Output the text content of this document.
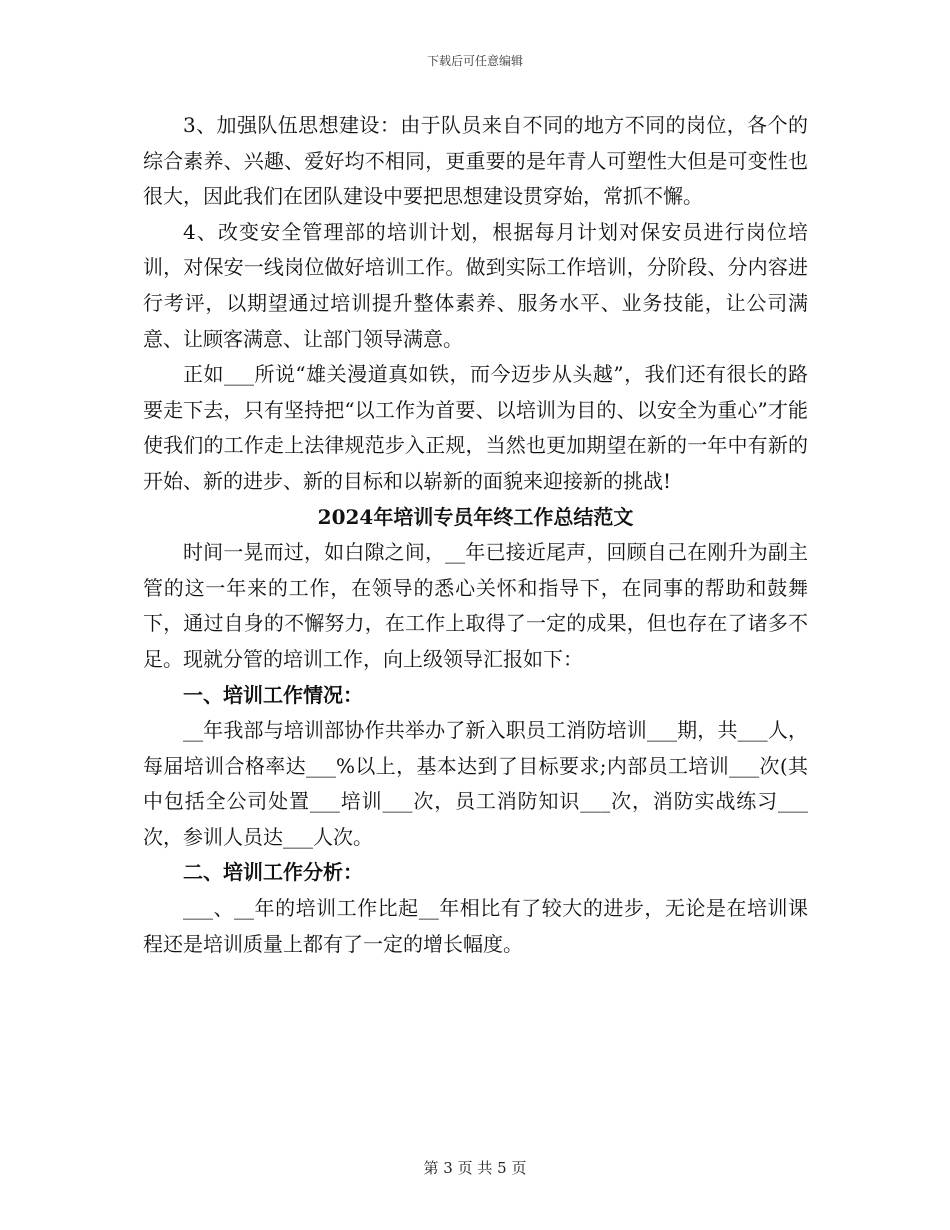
下载后可任意编辑

3、加强队伍思想建设：由于队员来自不同的地方不同的岗位，各个的综合素养、兴趣、爱好均不相同，更重要的是年青人可塑性大但是可变性也很大，因此我们在团队建设中要把思想建设贯穿始，常抓不懈。

4、改变安全管理部的培训计划，根据每月计划对保安员进行岗位培训，对保安一线岗位做好培训工作。做到实际工作培训，分阶段、分内容进行考评，以期望通过培训提升整体素养、服务水平、业务技能，让公司满意、让顾客满意、让部门领导满意。

正如___所说“雄关漫道真如铁，而今迈步从头越”，我们还有很长的路要走下去，只有坚持把“以工作为首要、以培训为目的、以安全为重心”才能使我们的工作走上法律规范步入正规，当然也更加期望在新的一年中有新的开始、新的进步、新的目标和以崭新的面貌来迎接新的挑战!

2024年培训专员年终工作总结范文

时间一晃而过，如白隙之间，__年已接近尾声，回顾自己在刚升为副主管的这一年来的工作，在领导的悉心关怀和指导下，在同事的帮助和鼓舞下，通过自身的不懈努力，在工作上取得了一定的成果，但也存在了诸多不足。现就分管的培训工作，向上级领导汇报如下：

一、培训工作情况：

__年我部与培训部协作共举办了新入职员工消防培训___期，共___人，每届培训合格率达___%以上，基本达到了目标要求;内部员工培训___次(其中包括全公司处置___培训___次，员工消防知识___次，消防实战练习___次，参训人员达___人次。

二、培训工作分析：

___、__年的培训工作比起__年相比有了较大的进步，无论是在培训课程还是培训质量上都有了一定的增长幅度。

第 3 页 共 5 页
